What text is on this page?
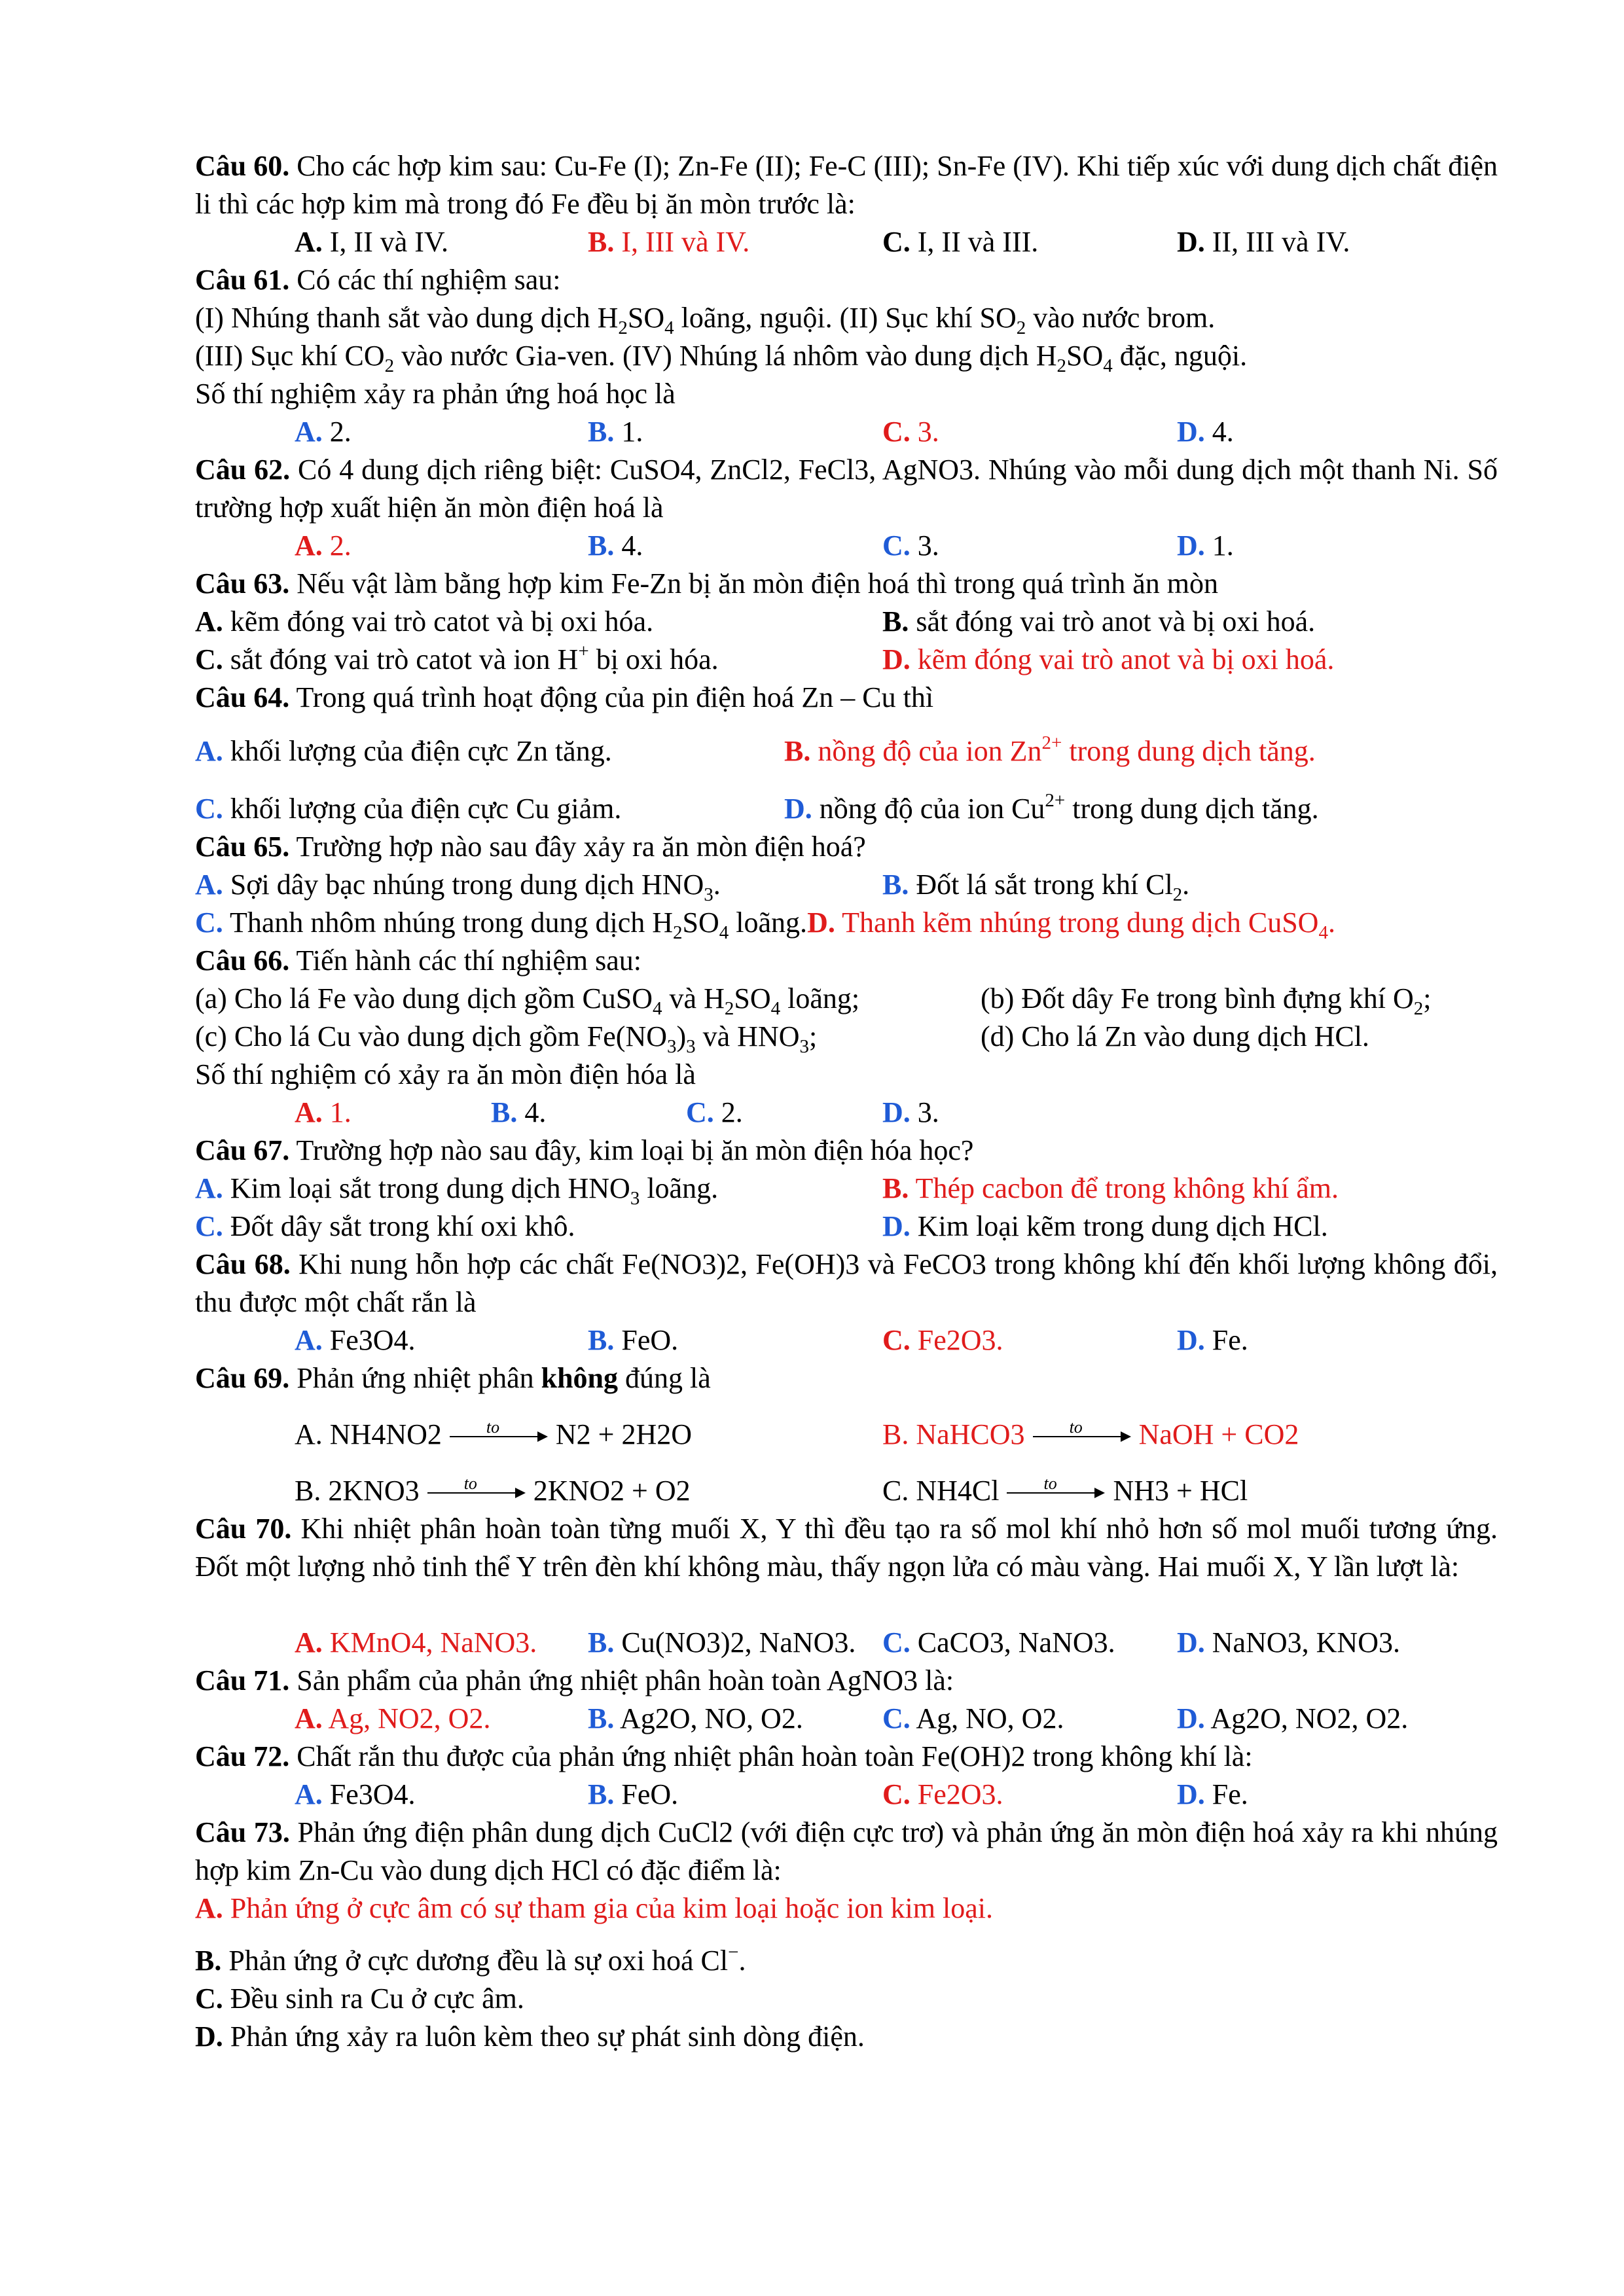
Câu 60. Cho các hợp kim sau: Cu-Fe (I); Zn-Fe (II); Fe-C (III); Sn-Fe (IV). Khi tiếp xúc với dung dịch chất điện li thì các hợp kim mà trong đó Fe đều bị ăn mòn trước là:
A. I, II và IV.	B. I, III và IV.	C. I, II và III.	D. II, III và IV.
Câu 61. Có các thí nghiệm sau:
(I) Nhúng thanh sắt vào dung dịch $H_2SO_4$ loãng, nguội. (II) Sục khí $SO_2$ vào nước brom.
(III) Sục khí $CO_2$ vào nước Gia-ven. (IV) Nhúng lá nhôm vào dung dịch $H_2SO_4$ đặc, nguội.
Số thí nghiệm xảy ra phản ứng hoá học là
A. 2.	B. 1.	C. 3.	D. 4.
Câu 62. Có 4 dung dịch riêng biệt: CuSO4, ZnCl2, FeCl3, AgNO3. Nhúng vào mỗi dung dịch một thanh Ni. Số trường hợp xuất hiện ăn mòn điện hoá là
A. 2.	B. 4.	C. 3.	D. 1.
Câu 63. Nếu vật làm bằng hợp kim Fe-Zn bị ăn mòn điện hoá thì trong quá trình ăn mòn
A. kẽm đóng vai trò catot và bị oxi hóa.	B. sắt đóng vai trò anot và bị oxi hoá.
C. sắt đóng vai trò catot và ion H+ bị oxi hóa.	D. kẽm đóng vai trò anot và bị oxi hoá.
Câu 64. Trong quá trình hoạt động của pin điện hoá Zn – Cu thì
A. khối lượng của điện cực Zn tăng.	B. nồng độ của ion $Zn^{2+}$ trong dung dịch tăng.
C. khối lượng của điện cực Cu giảm.	D. nồng độ của ion $Cu^{2+}$ trong dung dịch tăng.
Câu 65. Trường hợp nào sau đây xảy ra ăn mòn điện hoá?
A. Sợi dây bạc nhúng trong dung dịch $HNO_3$.	B. Đốt lá sắt trong khí $Cl_2$.
C. Thanh nhôm nhúng trong dung dịch $H_2SO_4$ loãng.D. Thanh kẽm nhúng trong dung dịch CuSO$_4$.
Câu 66. Tiến hành các thí nghiệm sau:
(a) Cho lá Fe vào dung dịch gồm CuSO$_4$ và $H_2SO_4$ loãng;	(b) Đốt dây Fe trong bình đựng khí $O_2$;
(c) Cho lá Cu vào dung dịch gồm $Fe(NO_3)_3$ và $HNO_3$;	(d) Cho lá Zn vào dung dịch HCl.
Số thí nghiệm có xảy ra ăn mòn điện hóa là
A. 1.	B. 4.	C. 2.	D. 3.
Câu 67. Trường hợp nào sau đây, kim loại bị ăn mòn điện hóa học?
A. Kim loại sắt trong dung dịch $HNO_3$ loãng.	B. Thép cacbon để trong không khí ẩm.
C. Đốt dây sắt trong khí oxi khô.	D. Kim loại kẽm trong dung dịch HCl.
Câu 68. Khi nung hỗn hợp các chất Fe(NO3)2, Fe(OH)3 và FeCO3 trong không khí đến khối lượng không đổi, thu được một chất rắn là
A. Fe3O4.	B. FeO.	C. Fe2O3.	D. Fe.
Câu 69. Phản ứng nhiệt phân không đúng là
A. NH4NO2	to N2 + 2H2O	B. NaHCO3	to NaOH + CO2
B. 2KNO3	to 2KNO2 + O2	C. NH4Cl	to NH3 + HCl
Câu 70. Khi nhiệt phân hoàn toàn từng muối X, Y thì đều tạo ra số mol khí nhỏ hơn số mol muối tương ứng. Đốt một lượng nhỏ tinh thể Y trên đèn khí không màu, thấy ngọn lửa có màu vàng. Hai muối X, Y lần lượt là:
A. KMnO4, NaNO3. B. Cu(NO3)2, NaNO3. C. CaCO3, NaNO3. D. NaNO3, KNO3.
Câu 71. Sản phẩm của phản ứng nhiệt phân hoàn toàn AgNO3 là:
A. Ag, NO2, O2.	B. Ag2O, NO, O2.	C. Ag, NO, O2.	D. Ag2O, NO2, O2.
Câu 72. Chất rắn thu được của phản ứng nhiệt phân hoàn toàn Fe(OH)2 trong không khí là:
A. Fe3O4.	B. FeO.	C. Fe2O3.	D. Fe.
Câu 73. Phản ứng điện phân dung dịch CuCl2 (với điện cực trơ) và phản ứng ăn mòn điện hoá xảy ra khi nhúng hợp kim Zn-Cu vào dung dịch HCl có đặc điểm là:
A. Phản ứng ở cực âm có sự tham gia của kim loại hoặc ion kim loại.
B. Phản ứng ở cực dương đều là sự oxi hoá Cl−.
C. Đều sinh ra Cu ở cực âm.
D. Phản ứng xảy ra luôn kèm theo sự phát sinh dòng điện.
